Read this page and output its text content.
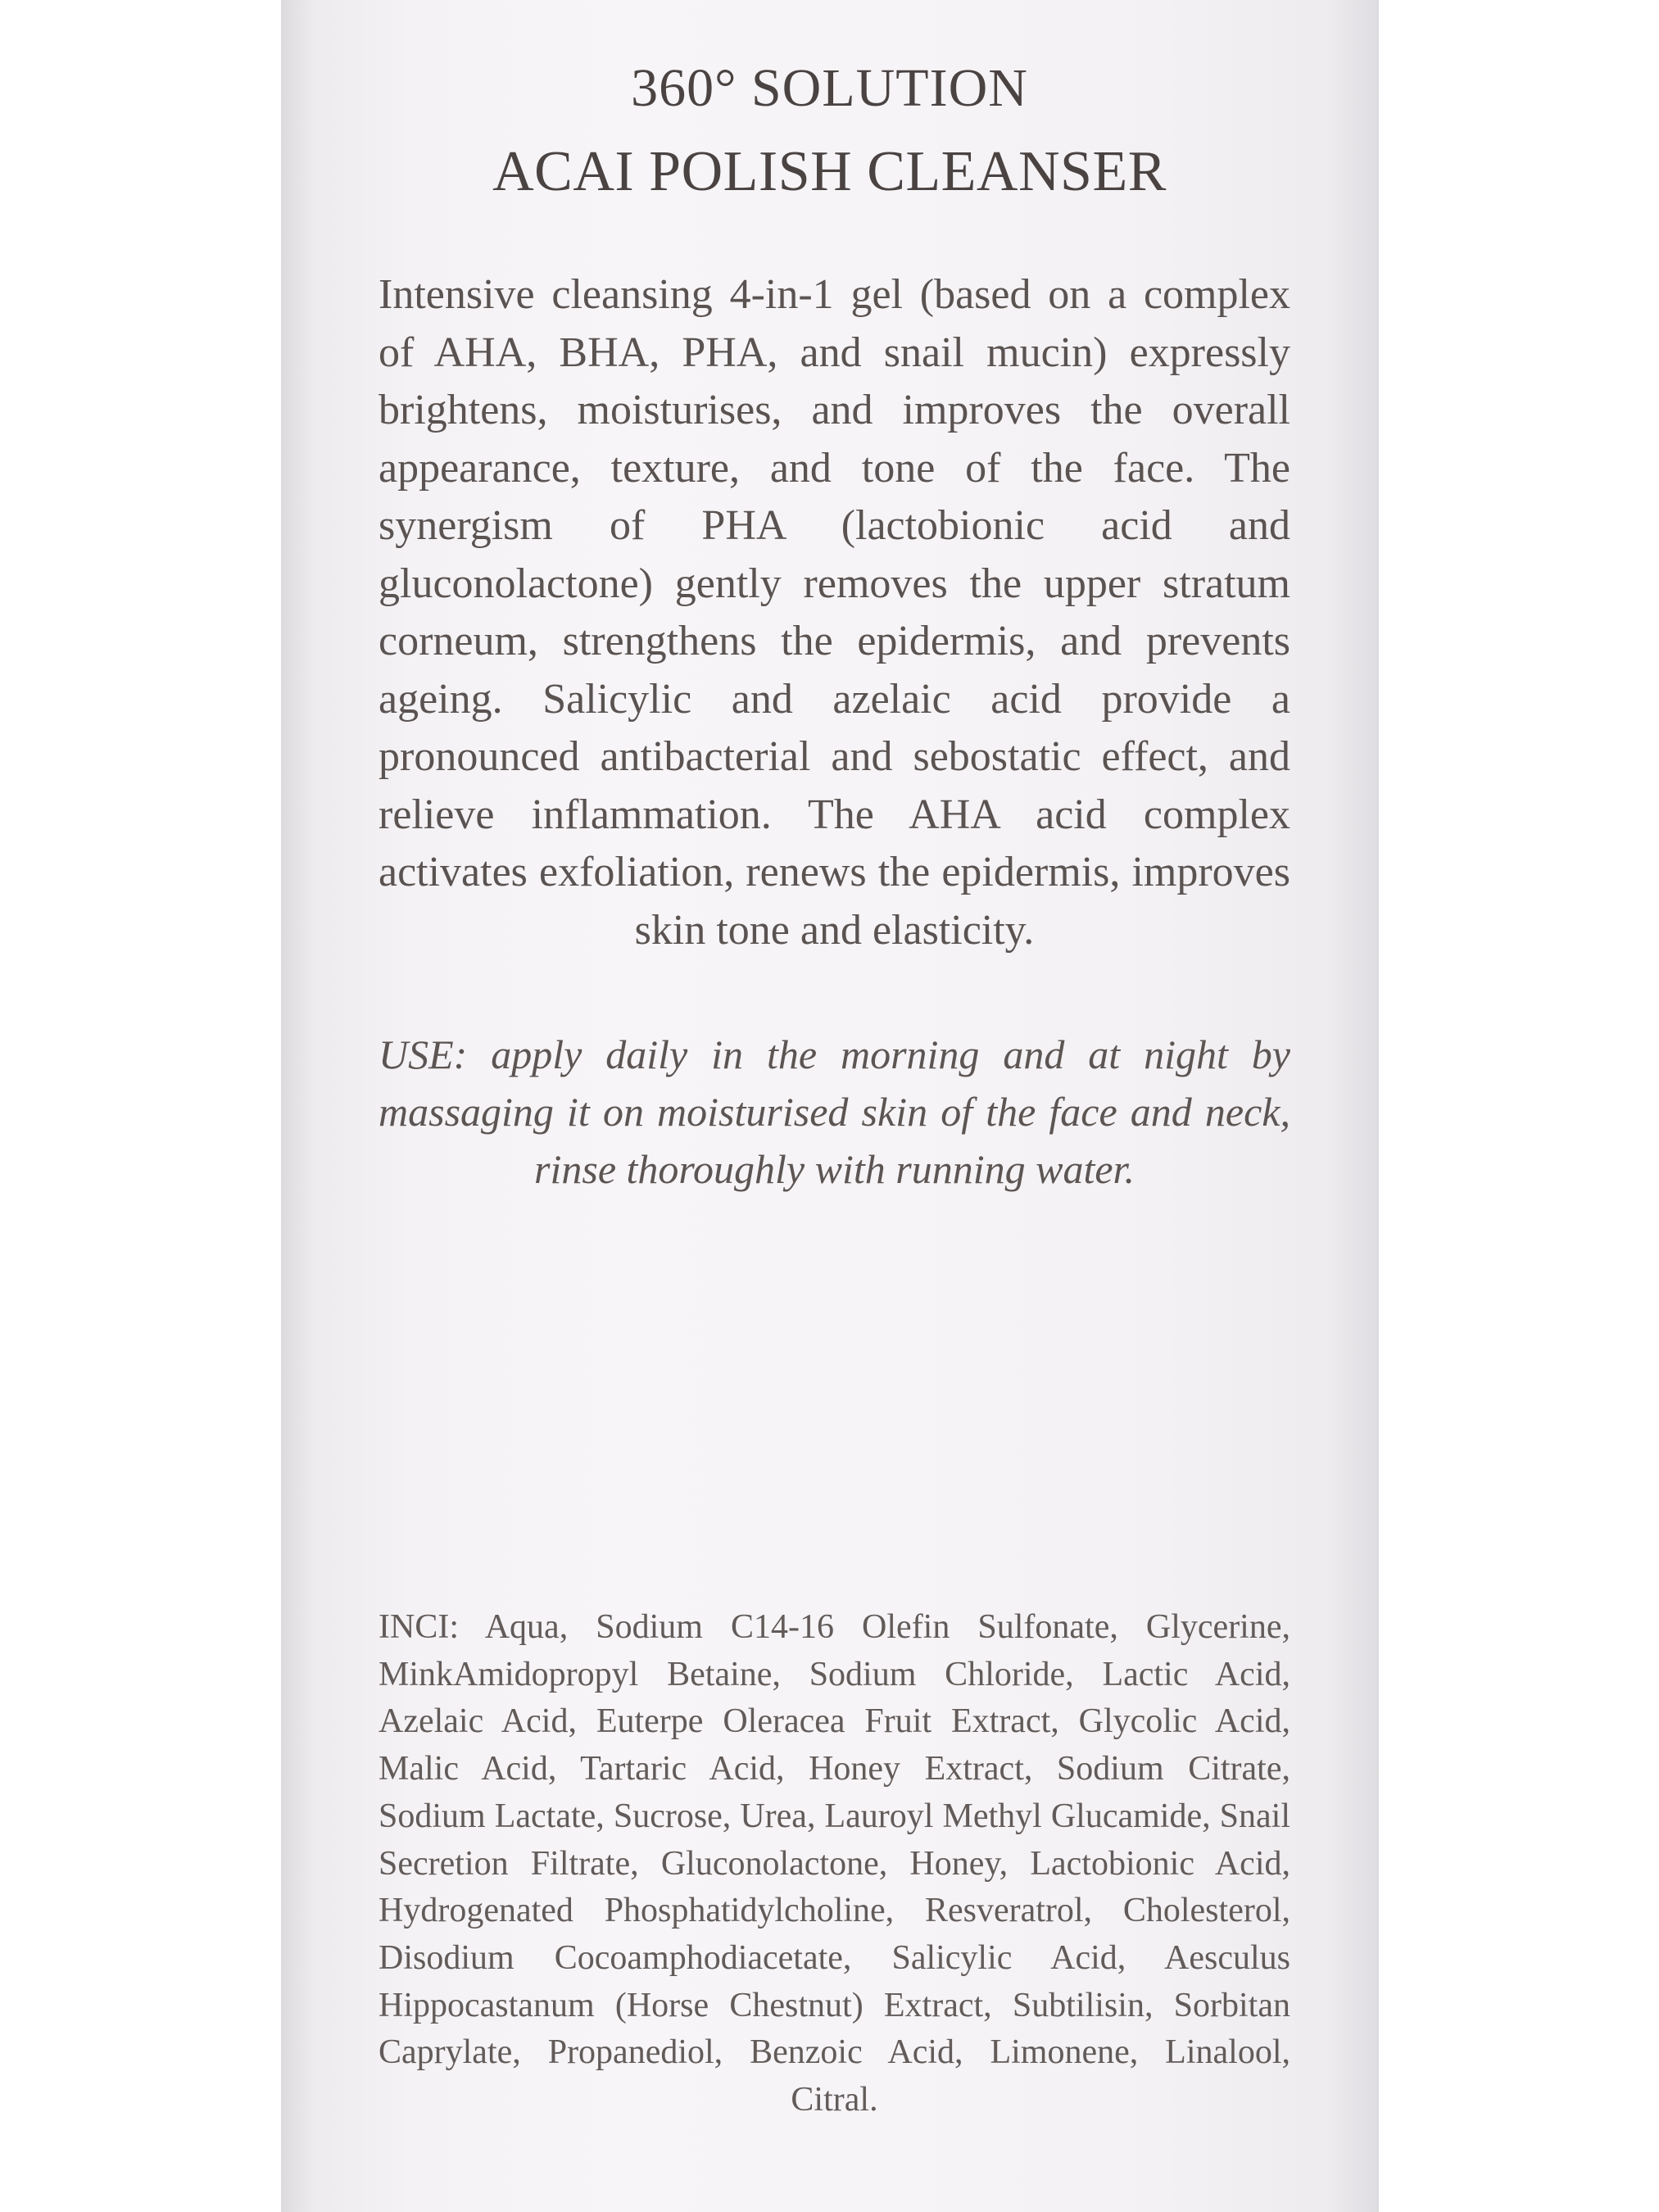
360° SOLUTION
ACAI POLISH CLEANSER

Intensive cleansing 4-in-1 gel (based on a complex of AHA, BHA, PHA, and snail mucin) expressly brightens, moisturises, and improves the overall appearance, texture, and tone of the face. The synergism of PHA (lactobionic acid and gluconolactone) gently removes the upper stratum corneum, strengthens the epidermis, and prevents ageing. Salicylic and azelaic acid provide a pronounced antibacterial and sebostatic effect, and relieve inflammation. The AHA acid complex activates exfoliation, renews the epidermis, improves skin tone and elasticity.

USE: apply daily in the morning and at night by massaging it on moisturised skin of the face and neck, rinse thoroughly with running water.

INCI: Aqua, Sodium C14-16 Olefin Sulfonate, Glycerine, MinkAmidopropyl Betaine, Sodium Chloride, Lactic Acid, Azelaic Acid, Euterpe Oleracea Fruit Extract, Glycolic Acid, Malic Acid, Tartaric Acid, Honey Extract, Sodium Citrate, Sodium Lactate, Sucrose, Urea, Lauroyl Methyl Glucamide, Snail Secretion Filtrate, Gluconolactone, Honey, Lactobionic Acid, Hydrogenated Phosphatidylcholine, Resveratrol, Cholesterol, Disodium Cocoamphodiacetate, Salicylic Acid, Aesculus Hippocastanum (Horse Chestnut) Extract, Subtilisin, Sorbitan Caprylate, Propanediol, Benzoic Acid, Limonene, Linalool, Citral.
